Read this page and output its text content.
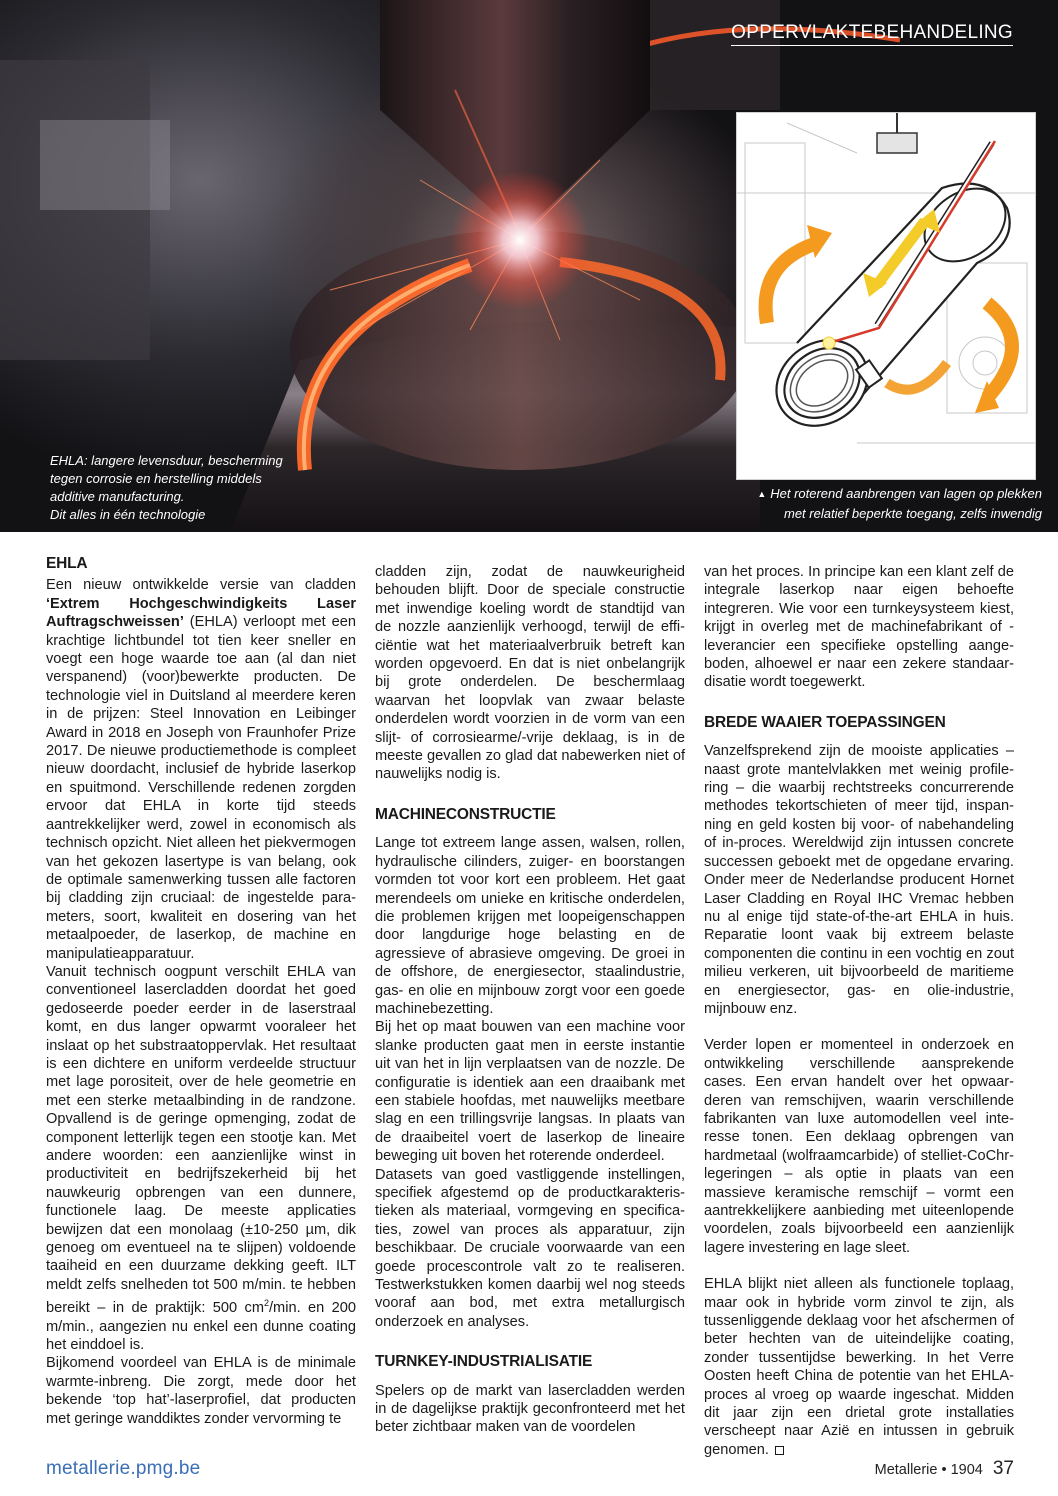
OPPERVLAKTEBEHANDELING
EHLA: langere levensduur, bescherming
tegen corrosie en herstelling middels
additive manufacturing.
Dit alles in één technologie
▲ Het roterend aanbrengen van lagen op plekken
met relatief beperkte toegang, zelfs inwendig
EHLA

Een nieuw ontwikkelde versie van cladden ‘Extrem Hochgeschwindigkeits Laser Auftragschweissen’ (EHLA) verloopt met een krachtige lichtbundel tot tien keer sneller en voegt een hoge waarde toe aan (al dan niet verspanend) (voor)bewerkte producten. De technologie viel in Duitsland al meerdere keren in de prijzen: Steel Innovation en Leibinger Award in 2018 en Joseph von Fraunhofer Prize 2017. De nieuwe productiemethode is compleet nieuw doordacht, inclusief de hybride laserkop en spuitmond. Verschillende redenen zorgden ervoor dat EHLA in korte tijd steeds aantrekkelijker werd, zowel in economisch als technisch opzicht. Niet alleen het piekvermogen van het gekozen lasertype is van belang, ook de optimale samenwerking tussen alle factoren bij cladding zijn cruciaal: de ingestelde parameters, soort, kwaliteit en dosering van het metaalpoeder, de laserkop, de machine en manipulatieapparatuur.

Vanuit technisch oogpunt verschilt EHLA van conventioneel lasercladden doordat het goed gedoseerde poeder eerder in de laserstraal komt, en dus langer opwarmt vooraleer het inslaat op het substraatoppervlak. Het resultaat is een dichtere en uniform verdeelde structuur met lage porositeit, over de hele geometrie en met een sterke metaalbinding in de randzone. Opvallend is de geringe opmenging, zodat de component letterlijk tegen een stootje kan. Met andere woorden: een aanzienlijke winst in productiviteit en bedrijfszekerheid bij het nauwkeurig opbrengen van een dunnere, functionele laag. De meeste applicaties bewijzen dat een monolaag (±10-250 µm, dik genoeg om eventueel na te slijpen) voldoende taaiheid en een duurzame dekking geeft. ILT meldt zelfs snelheden tot 500 m/min. te hebben bereikt – in de praktijk: 500 $cm^2/\min$. en 200 m/min., aangezien nu enkel een dunne coating het einddoel is.

Bijkomend voordeel van EHLA is de minimale warmte-inbreng. Die zorgt, mede door het bekende ‘top hat’-laserprofiel, dat producten met geringe wanddiktes zonder vervorming te

cladden zijn, zodat de nauwkeurigheid behouden blijft. Door de speciale constructie met inwendige koeling wordt de standtijd van de nozzle aanzienlijk verhoogd, terwijl de efficiëntie wat het materiaalverbruik betreft kan worden opgevoerd. En dat is niet onbelangrijk bij grote onderdelen. De beschermlaag waarvan het loopvlak van zwaar belaste onderdelen wordt voorzien in de vorm van een slijt- of corrosiearme/-vrije deklaag, is in de meeste gevallen zo glad dat nabewerken niet of nauwelijks nodig is.

MACHINECONSTRUCTIE

Lange tot extreem lange assen, walsen, rollen, hydraulische cilinders, zuiger- en boorstangen vormden tot voor kort een probleem. Het gaat merendeels om unieke en kritische onderdelen, die problemen krijgen met loopeigenschappen door langdurige hoge belasting en de agressieve of abrasieve omgeving. De groei in de offshore, de energiesector, staalindustrie, gas- en olie en mijnbouw zorgt voor een goede machinebezetting.

Bij het op maat bouwen van een machine voor slanke producten gaat men in eerste instantie uit van het in lijn verplaatsen van de nozzle. De configuratie is identiek aan een draaibank met een stabiele hoofdas, met nauwelijks meetbare slag en een trillingsvrije langsas. In plaats van de draaibeitel voert de laserkop de lineaire beweging uit boven het roterende onderdeel.

Datasets van goed vastliggende instellingen, specifiek afgestemd op de productkarakteristieken als materiaal, vormgeving en specificaties, zowel van proces als apparatuur, zijn beschikbaar. De cruciale voorwaarde van een goede procescontrole valt zo te realiseren. Testwerkstukken komen daarbij wel nog steeds vooraf aan bod, met extra metallurgisch onderzoek en analyses.

TURNKEY-INDUSTRIALISATIE

Spelers op de markt van lasercladden werden in de dagelijkse praktijk geconfronteerd met het beter zichtbaar maken van de voordelen

van het proces. In principe kan een klant zelf de integrale laserkop naar eigen behoefte integreren. Wie voor een turnkeysysteem kiest, krijgt in overleg met de machinefabrikant of -leverancier een specifieke opstelling aangeboden, alhoewel er naar een zekere standaardisatie wordt toegewerkt.

BREDE WAAIER TOEPASSINGEN

Vanzelfsprekend zijn de mooiste applicaties – naast grote mantelvlakken met weinig profilering – die waarbij rechtstreeks concurrerende methodes tekortschieten of meer tijd, inspanning en geld kosten bij voor- of nabehandeling of in-proces. Wereldwijd zijn intussen concrete successen geboekt met de opgedane ervaring. Onder meer de Nederlandse producent Hornet Laser Cladding en Royal IHC Vremac hebben nu al enige tijd state-of-the-art EHLA in huis. Reparatie loont vaak bij extreem belaste componenten die continu in een vochtig en zout milieu verkeren, uit bijvoorbeeld de maritieme en energiesector, gas- en olie-industrie, mijnbouw enz.

Verder lopen er momenteel in onderzoek en ontwikkeling verschillende aansprekende cases. Een ervan handelt over het opwaarderen van remschijven, waarin verschillende fabrikanten van luxe automodellen veel interesse tonen. Een deklaag opbrengen van hardmetaal (wolfraamcarbide) of stelliet-CoChr-legeringen – als optie in plaats van een massieve keramische remschijf – vormt een aantrekkelijkere aanbieding met uiteenlopende voordelen, zoals bijvoorbeeld een aanzienlijk lagere investering en lage sleet.

EHLA blijkt niet alleen als functionele toplaag, maar ook in hybride vorm zinvol te zijn, als tussenliggende deklaag voor het afschermen of beter hechten van de uiteindelijke coating, zonder tussentijdse bewerking. In het Verre Oosten heeft China de potentie van het EHLA-proces al vroeg op waarde ingeschat. Midden dit jaar zijn een drietal grote installaties verscheept naar Azië en intussen in gebruik genomen.

metallerie.pmg.be	Metallerie • 1904 37
